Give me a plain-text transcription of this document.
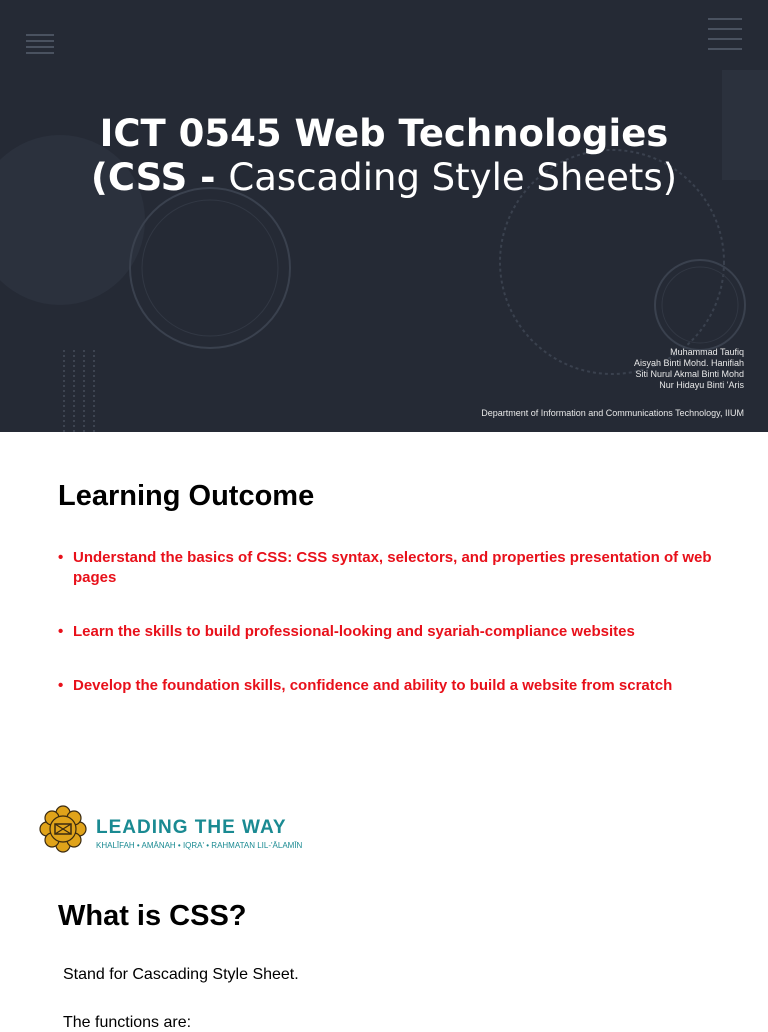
ICT 0545 Web Technologies
(CSS - Cascading Style Sheets)
Muhammad Taufiq
Aisyah Binti Mohd. Hanifiah
Siti Nurul Akmal Binti Mohd
Nur Hidayu Binti 'Aris
Department of Information and Communications Technology, IIUM
Learning Outcome
• Understand the basics of CSS: CSS syntax, selectors, and properties presentation of web pages
• Learn the skills to build professional-looking and syariah-compliance websites
• Develop the foundation skills, confidence and ability to build a website from scratch
LEADING THE WAY
KHALĪFAH • AMĀNAH • IQRA' • RAHMATAN LIL-'ĀLAMĪN
What is CSS?
Stand for Cascading Style Sheet.
The functions are:
